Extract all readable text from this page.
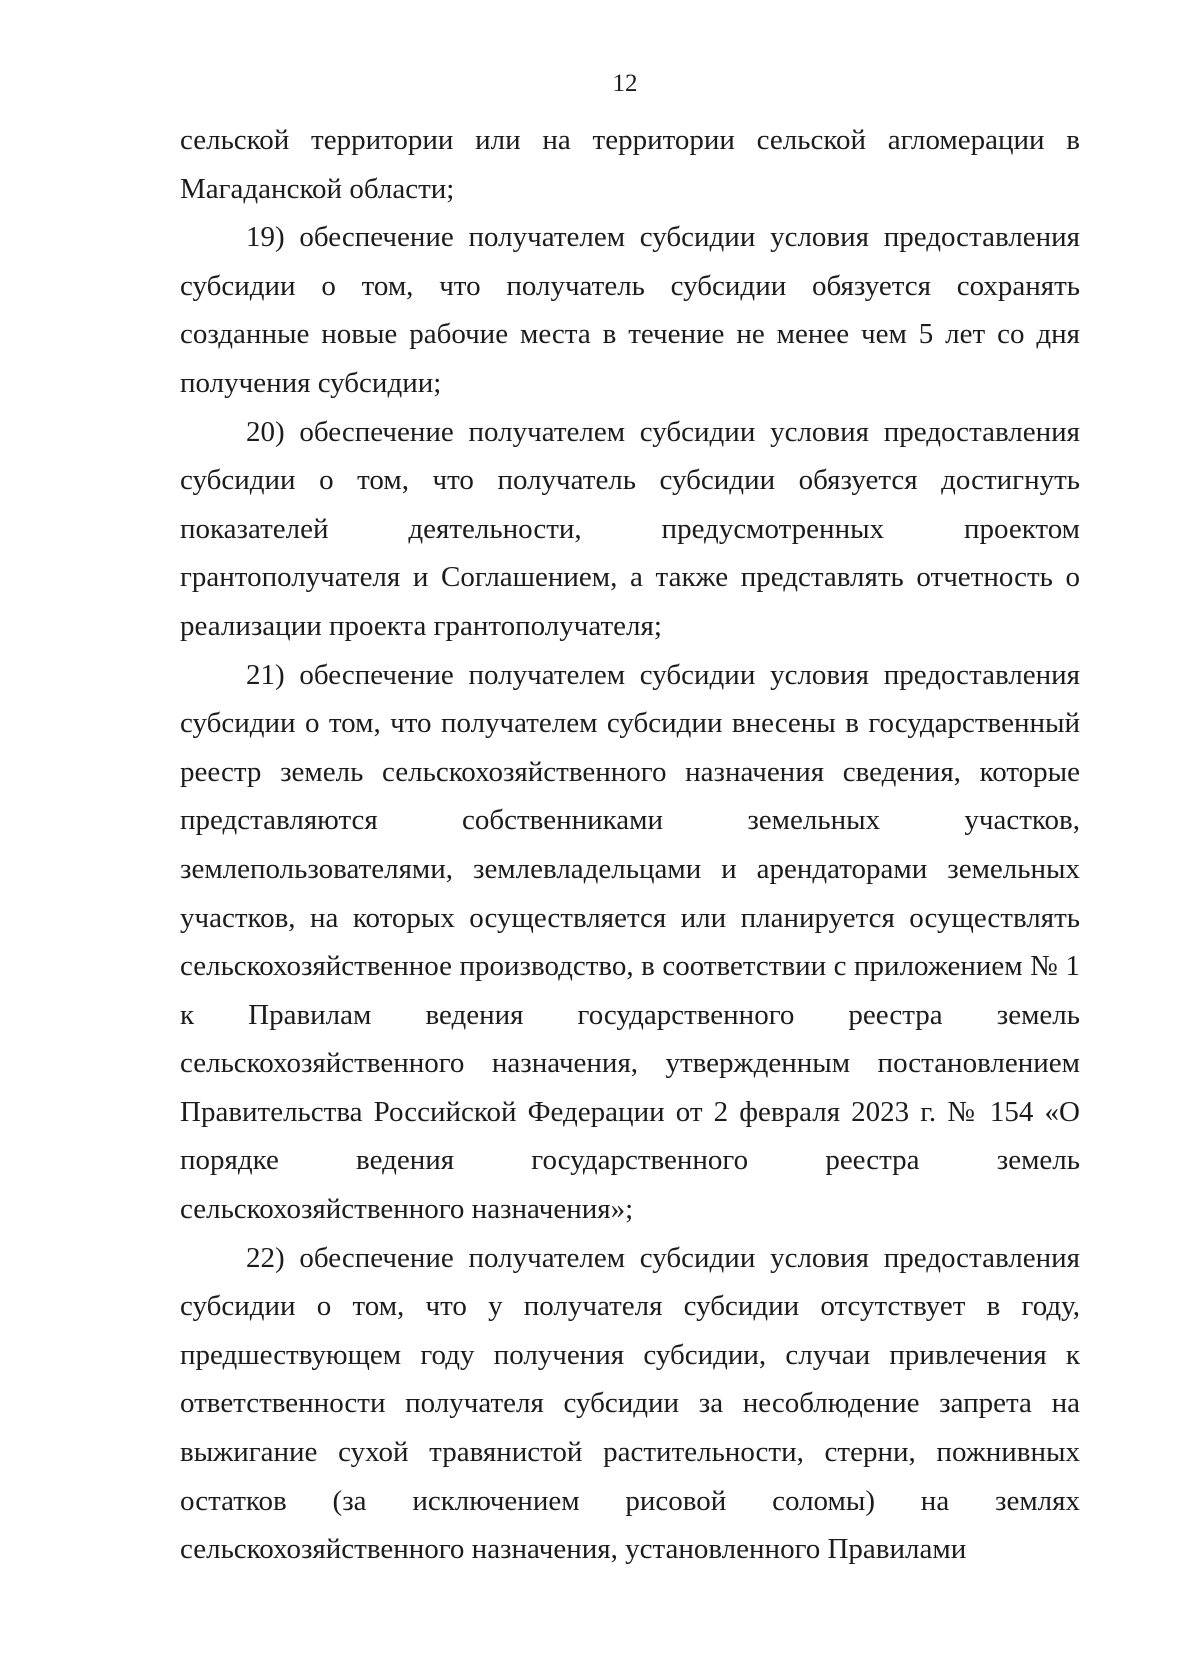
12

сельской территории или на территории сельской агломерации в Магаданской области;

19) обеспечение получателем субсидии условия предоставления субсидии о том, что получатель субсидии обязуется сохранять созданные новые рабочие места в течение не менее чем 5 лет со дня получения субсидии;

20) обеспечение получателем субсидии условия предоставления субсидии о том, что получатель субсидии обязуется достигнуть показателей деятельности, предусмотренных проектом грантополучателя и Соглашением, а также представлять отчетность о реализации проекта грантополучателя;

21) обеспечение получателем субсидии условия предоставления субсидии о том, что получателем субсидии внесены в государственный реестр земель сельскохозяйственного назначения сведения, которые представляются собственниками земельных участков, землепользователями, землевладельцами и арендаторами земельных участков, на которых осуществляется или планируется осуществлять сельскохозяйственное производство, в соответствии с приложением № 1 к Правилам ведения государственного реестра земель сельскохозяйственного назначения, утвержденным постановлением Правительства Российской Федерации от 2 февраля 2023 г. № 154 «О порядке ведения государственного реестра земель сельскохозяйственного назначения»;

22) обеспечение получателем субсидии условия предоставления субсидии о том, что у получателя субсидии отсутствует в году, предшествующем году получения субсидии, случаи привлечения к ответственности получателя субсидии за несоблюдение запрета на выжигание сухой травянистой растительности, стерни, пожнивных остатков (за исключением рисовой соломы) на землях сельскохозяйственного назначения, установленного Правилами
